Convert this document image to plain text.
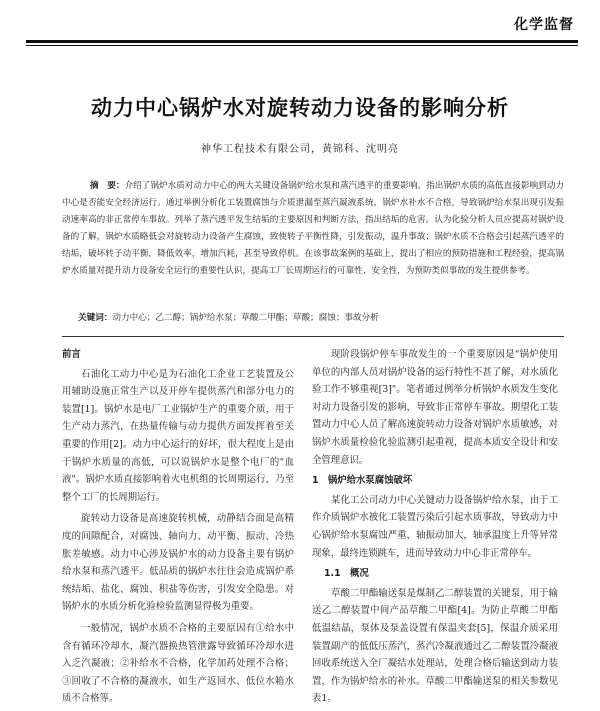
化学监督
动力中心锅炉水对旋转动力设备的影响分析
神华工程技术有限公司，黄锦科、沈明亮
摘　要：介绍了锅炉水质对动力中心的两大关键设备锅炉给水泵和蒸汽透平的重要影响。指出锅炉水质的高低直接影响到动力中心是否能安全经济运行。通过举例分析化工装置腐蚀与介质泄漏至蒸汽凝液系统，锅炉水补水不合格，导致锅炉给水泵出现引发振动速率高的非正常停车事故。列举了蒸汽透平发生结垢的主要原因和判断方法，指出结垢的危害。认为化验分析人员应提高对锅炉设备的了解，锅炉水质略低会对旋转动力设备产生腐蚀，致使转子平衡性降，引发振动，温升事故；锅炉水质不合格会引起蒸汽透平的结垢，破坏转子动平衡，降低效率，增加汽耗，甚至导致停机。在该事故案例的基础上，提出了相应的预防措施和工程经验，提高锅炉水质量对提升动力设备安全运行的重要性认识，提高工厂长周期运行的可靠性、安全性，为预防类似事故的发生提供参考。
关键词：动力中心；乙二醇；锅炉给水泵；草酸二甲酯；草酸；腐蚀；事故分析
前言

石油化工动力中心是为石油化工企业工艺装置及公用辅助设施正常生产以及开停车提供蒸汽和部分电力的装置[1]。锅炉水是电厂工业锅炉生产的重要介质，用于生产动力蒸汽，在热量传输与动力提供方面发挥着至关重要的作用[2]。动力中心运行的好坏，很大程度上是由于锅炉水质量的高低，可以说锅炉水是整个电厂的"血液"。锅炉水质直接影响着火电机组的长周期运行，乃至整个工厂的长周期运行。

旋转动力设备是高速旋转机械，动静结合面是高精度的间隙配合，对腐蚀、轴向力、动平衡、振动、冷热胀差敏感。动力中心涉及锅炉水的动力设备主要有锅炉给水泵和蒸汽透平。低品质的锅炉水往往会造成锅炉系统结垢、盐化、腐蚀、积盐等伤害，引发安全隐患。对锅炉水的水质分析化验检验监测显得极为重要。

一般情况，锅炉水质不合格的主要原因有①给水中含有循环冷却水，凝汽器换热管泄露导致循环冷却水进入乏汽凝液；②补给水不合格，化学加药处理不合格；③回收了不合格的凝液水，如生产返回水、低位水箱水质不合格等。

现阶段锅炉停车事故发生的一个重要原因是"锅炉使用单位的内部人员对锅炉设备的运行特性不甚了解，对水质化验工作不够重视[3]"。笔者通过例举分析锅炉水质发生变化对动力设备引发的影响，导致非正常停车事故。期望化工装置动力中心人员了解高速旋转动力设备对锅炉水质敏感，对锅炉水质量检验化验监测引起重视，提高本质安全设计和安全管理意识。

1　锅炉给水泵腐蚀破坏

某化工公司动力中心关键动力设备锅炉给水泵，由于工作介质锅炉水被化工装置污染后引起水质事故，导致动力中心锅炉给水泵腐蚀严重，轴振动加大，轴承温度上升等异常现象，最终连锁跳车，进而导致动力中心非正常停车。

1.1　概况

草酸二甲酯输送泵是煤制乙二醇装置的关键泵，用于输送乙二醇装置中间产品草酸二甲酯[4]。为防止草酸二甲酯低温结晶，泵体及泵盖设置有保温夹套[5]，保温介质采用装置副产的低低压蒸汽，蒸汽冷凝液通过乙二醇装置冷凝液回收系统送入全厂凝结水处理站，处理合格后输送到动力装置，作为锅炉给水的补水。草酸二甲酯输送泵的相关参数见表1。
